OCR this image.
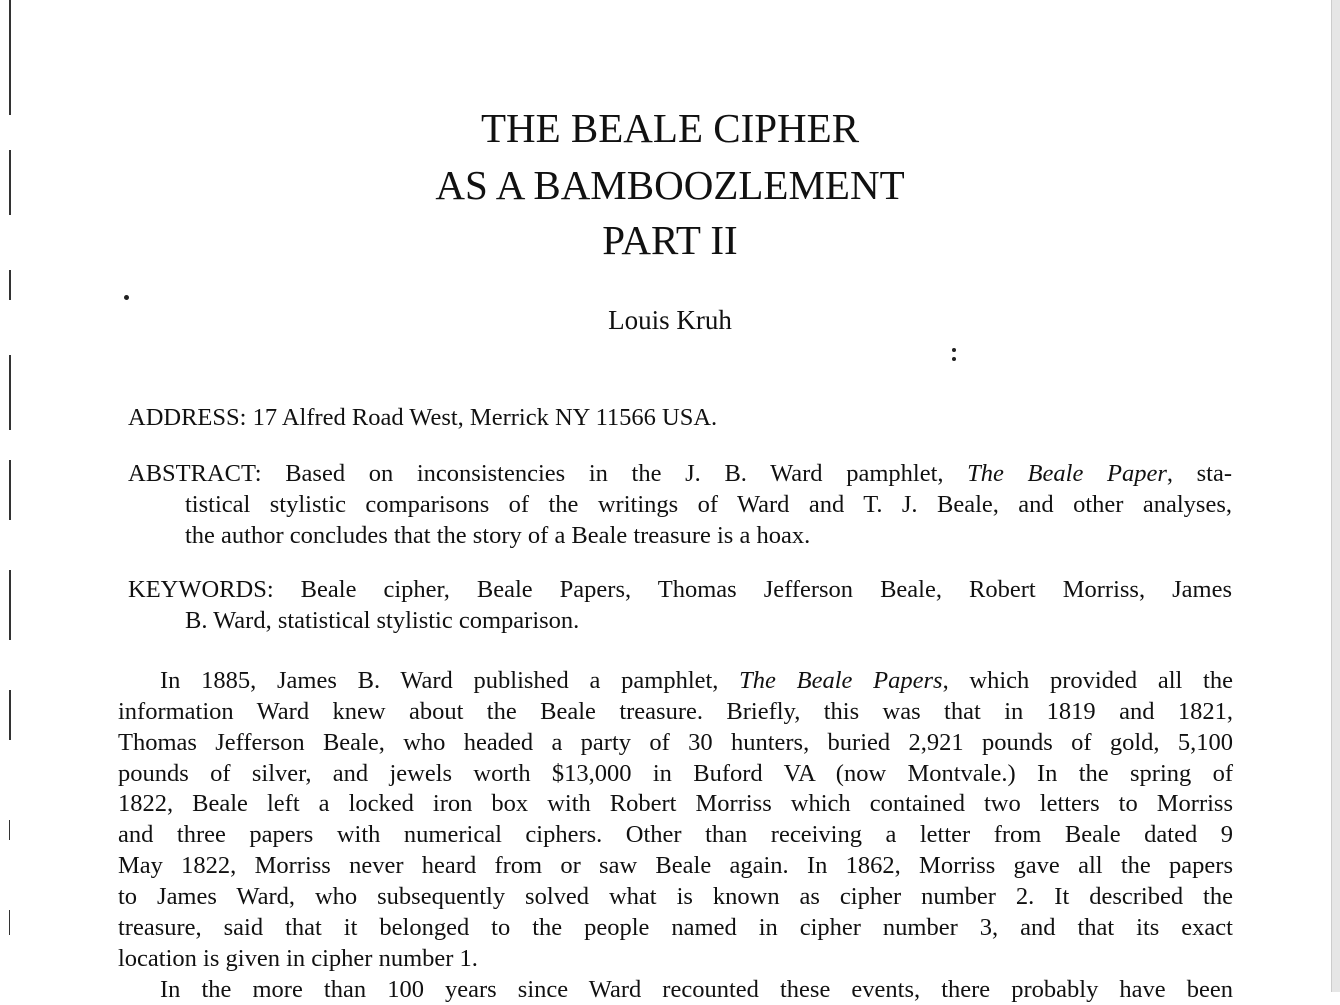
THE BEALE CIPHER
AS A BAMBOOZLEMENT
PART II
Louis Kruh
ADDRESS: 17 Alfred Road West, Merrick NY 11566 USA.
ABSTRACT: Based on inconsistencies in the J. B. Ward pamphlet, The Beale Paper, sta-
tistical stylistic comparisons of the writings of Ward and T. J. Beale, and other analyses,
the author concludes that the story of a Beale treasure is a hoax.
KEYWORDS: Beale cipher, Beale Papers, Thomas Jefferson Beale, Robert Morriss, James
B. Ward, statistical stylistic comparison.
In 1885, James B. Ward published a pamphlet, The Beale Papers, which provided all the
information Ward knew about the Beale treasure. Briefly, this was that in 1819 and 1821,
Thomas Jefferson Beale, who headed a party of 30 hunters, buried 2,921 pounds of gold, 5,100
pounds of silver, and jewels worth $13,000 in Buford VA (now Montvale.) In the spring of
1822, Beale left a locked iron box with Robert Morriss which contained two letters to Morriss
and three papers with numerical ciphers. Other than receiving a letter from Beale dated 9
May 1822, Morriss never heard from or saw Beale again. In 1862, Morriss gave all the papers
to James Ward, who subsequently solved what is known as cipher number 2. It described the
treasure, said that it belonged to the people named in cipher number 3, and that its exact
location is given in cipher number 1.
In the more than 100 years since Ward recounted these events, there probably have been
